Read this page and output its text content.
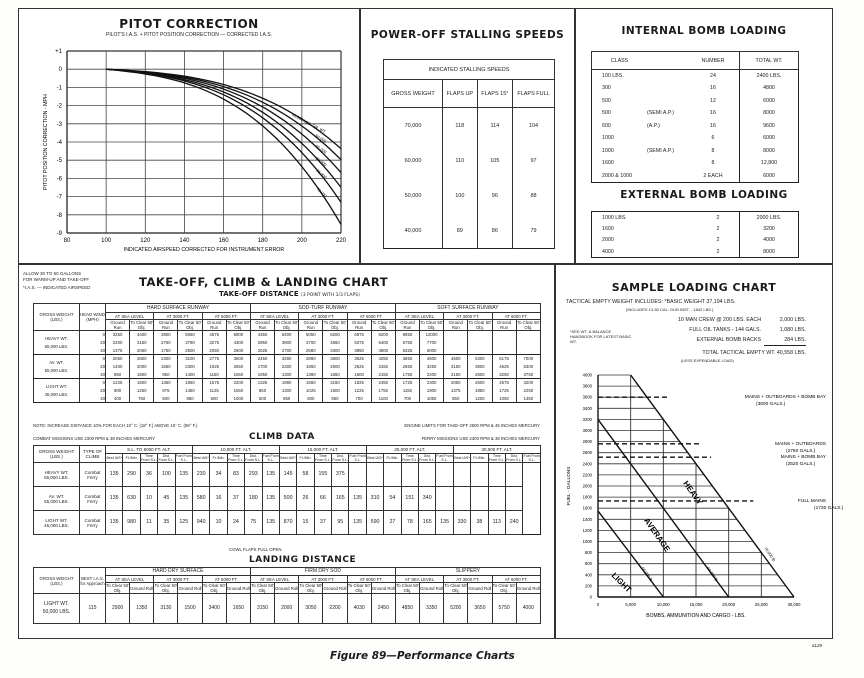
PITOT CORRECTION
PILOT'S I.A.S. + PITOT POSITION CORRECTION — CORRECTED I.A.S.
80	100	120	140	160	180	200	220
+1
0
-1
-2
-3
-4
-5
-6
-7
-8
-9
INDICATED AIRSPEED CORRECTED FOR INSTRUMENT ERROR
PITOT POSITION CORRECTION - MPH	45,000 LBS. GR. WT.
50,000
55,000
60,000
65,000
70,000
POWER-OFF STALLING SPEEDS
INDICATED STALLING SPEEDS
GROSS WEIGHT	FLAPS UP	FLAPS 15°	FLAPS FULL
70,000	118	114	104
60,000	110	105	97
50,000	100	96	88
40,000	89	86	79
INTERNAL BOMB LOADING
CLASS		NUMBER	TOTAL WT.
100 LBS.		24	2400 LBS.
300		16	4800
500		12	6000
500	(SEMI A.P.)	16	8000
600	(A.P.)	16	9600
1000		6	6000
1000	(SEMI A.P.)	8	8000
1600		8	12,800
2000 & 1000		2 EACH	6000
EXTERNAL BOMB LOADING
1000 LBS.	2	2000 LBS.
1600	2	3200
2000	2	4000
4000	2	8000
ALLOW 30 TO 50 GALLONS
FOR WARM-UP AND TAKE-OFF
*I.A.S. — INDICATED AIRSPEED	TAKE-OFF, CLIMB & LANDING CHART
TAKE-OFF DISTANCE (3 POINT WITH 1/3 FLAPS)
GROSS WEIGHT (LBS.)	HEAD WIND (MPH)	HARD SURFACE RUNWAY	SOD-TURF RUNWAY	SOFT SURFACE RUNWAY
AT SEA LEVEL	AT 3000 FT.	AT 6000 FT.	AT SEA LEVEL	AT 3000 FT.	AT 6000 FT.	AT SEA LEVEL	AT 3000 FT.	AT 6000 FT.
Ground Run	To Clear 50' Obj.	Ground Run	To Clear 50' Obj.	Ground Run	To Clear 50' Obj.	Ground Run	To Clear 50' Obj.	Ground Run	To Clear 50' Obj.	Ground Run	To Clear 50' Obj.	Ground Run	To Clear 50' Obj.	Ground Run	To Clear 50' Obj.	Ground Run	To Clear 50' Obj.

HEAVY WT.
65,000 LBS.
	0	3250	4400	3900	5050	4575	5800	4350	5400	5050	6200	6975	8200	8950	12000				
20	2200	3150	2750	3790	3275	4300	2950	3900	3700	4650	5375	6400	6750	7700				
40	1375	2050	1750	2500	2050	2900	2025	2700	2580	3300	3950	4800	5325	6000				

AV. WT.
55,000 LBS.
	0	2050	2600	2300	3100	2775	3600	2450	3290	2890	3600	3525	4250	3650	4500	4500	5300	6175	7000
20	1400	2000	1550	2300	1925	2550	1700	2300	1850	2500	2525	3150	2650	3250	3150	3800	4625	5300
40	850	1500	950	1400	1150	1650	1050	1300	1390	1650	1600	2150	1750	2200	2150	2600	3250	3750

LIGHT WT.
45,000 LBS.
	0	1225	1600	1350	1950	1575	2200	1325	1990	1550	3150	1825	2450	1725	2300	2050	2600	2575	3200
20	800	1250	975	1450	1125	1550	850	1300	1025	1500	1225	1750	1150	1900	1375	1850	1725	2250
40	400	750	500	850	600	1000	500	850	600	950	700	1100	700	1050	850	1200	1050	1450
NOTE: INCREASE DISTANCE 10% FOR EACH 10° C. (18° F.) ABOVE 15° C. (59° F.)	ENGINE LIMITS FOR TAKE-OFF 2500 RPM & 46 INCHES MERCURY
COMBAT MISSIONS USE 2300 RPM & 38 INCHES MERCURY	CLIMB DATA	FERRY MISSIONS USE 2300 RPM & 38 INCHES MERCURY
GROSS WEIGHT (LBS.)	TYPE OF CLIMB	S.L. TO 5000 FT. ALT.	10,000 FT. ALT.	15,000 FT. ALT.	25,000 FT. ALT.	30,000 FT. ALT.
Best IAS*	Ft./Min.	Time From S.L.	Dist. From S.L.	Fuel From S.L.	Best IAS*	Ft./Min.	Time From S.L.	Dist. From S.L.	Fuel From S.L.	Best IAS*	Ft./Min.	Time From S.L.	Dist. From S.L.	Fuel From S.L.	Best IAS*	Ft./Min.	Time From S.L.	Dist. From S.L.	Fuel From S.L.	Best IAS*	Ft./Min.	Time From S.L.	Dist. From S.L.	Fuel From S.L.

HEAVY WT.
65,000 LBS.

Combat
Ferry	135	290	36	100	135	230	34	83	293	135	145	58	155	375										

AV. WT.
55,000 LBS.

Combat
Ferry	135	630	10	45	135	580	16	37	180	135	500	26	66	165	135	310	54	151	340					

LIGHT WT.
45,000 LBS.

Combat
Ferry	135	980	11	35	125	940	10	24	75	135	870	15	37	95	135	590	27	78	165	135	330	38	113	240
COWL FLAPS FULL OPEN
LANDING DISTANCE
GROSS WEIGHT (LBS.)	BEST I.A.S. for Approach	HARD DRY SURFACE	FIRM DRY SOD	SLIPPERY
AT SEA LEVEL	AT 3000 FT.	AT 6000 FT.	AT SEA LEVEL	AT 3000 FT.	AT 6000 FT.	AT SEA LEVEL	AT 3000 FT.	AT 6000 FT.
To Clear 50' Obj.	Ground Roll	To Clear 50' Obj.	Ground Roll	To Clear 50' Obj.	Ground Roll	To Clear 50' Obj.	Ground Roll	To Clear 50' Obj.	Ground Roll	To Clear 50' Obj.	Ground Roll	To Clear 50' Obj.	Ground Roll	To Clear 50' Obj.	Ground Roll	To Clear 50' Obj.	Ground Roll

LIGHT WT.
50,000 LBS.
	115	2900	1350	3130	1500	3400	1650	3150	2000	3050	2200	4030	2450	4850	3350	5200	3650	5750	4000
SAMPLE LOADING CHART
TACTICAL EMPTY WEIGHT INCLUDES: *BASIC WEIGHT 37,194 LBS.
(INCLUDES 13-50 CAL. GUN INST. - 1842 LBS.)
10 MAN CREW @ 200 LBS. EACH	2,000 LBS.
FULL OIL TANKS - 144 GALS.	1,080 LBS.
EXTERNAL BOMB RACKS	284 LBS.
*SEE WT. & BALANCE HANDBOOK FOR LATEST BASIC WT.
TOTAL TACTICAL EMPTY WT. 40,558 LBS.
(LESS EXPENDABLE LOAD)
0
200
400
600
800
1000
1200
1400
1600
1800
2000
2200
2400
2600
2800
3000
3200
3400
3600
3800
4000
0	5,000	10,000	15,000	20,000	25,000	30,000
MAINS + OUTBOARDS + BOMB BAY
(3600 GALS.)
MAINS + OUTBOARDS
(2760 GALS.)
MAINS + BOMB BAY
(2520 GALS.)
FULL MAINS
(1730 GALS.)
FUEL - GALLONS
BOMBS, AMMUNITION AND CARGO - LBS.
HEAVY
AVERAGE
LIGHT 50,000 lb	60,000 lb
70,000 lb
Figure 89—Performance Charts
a129
